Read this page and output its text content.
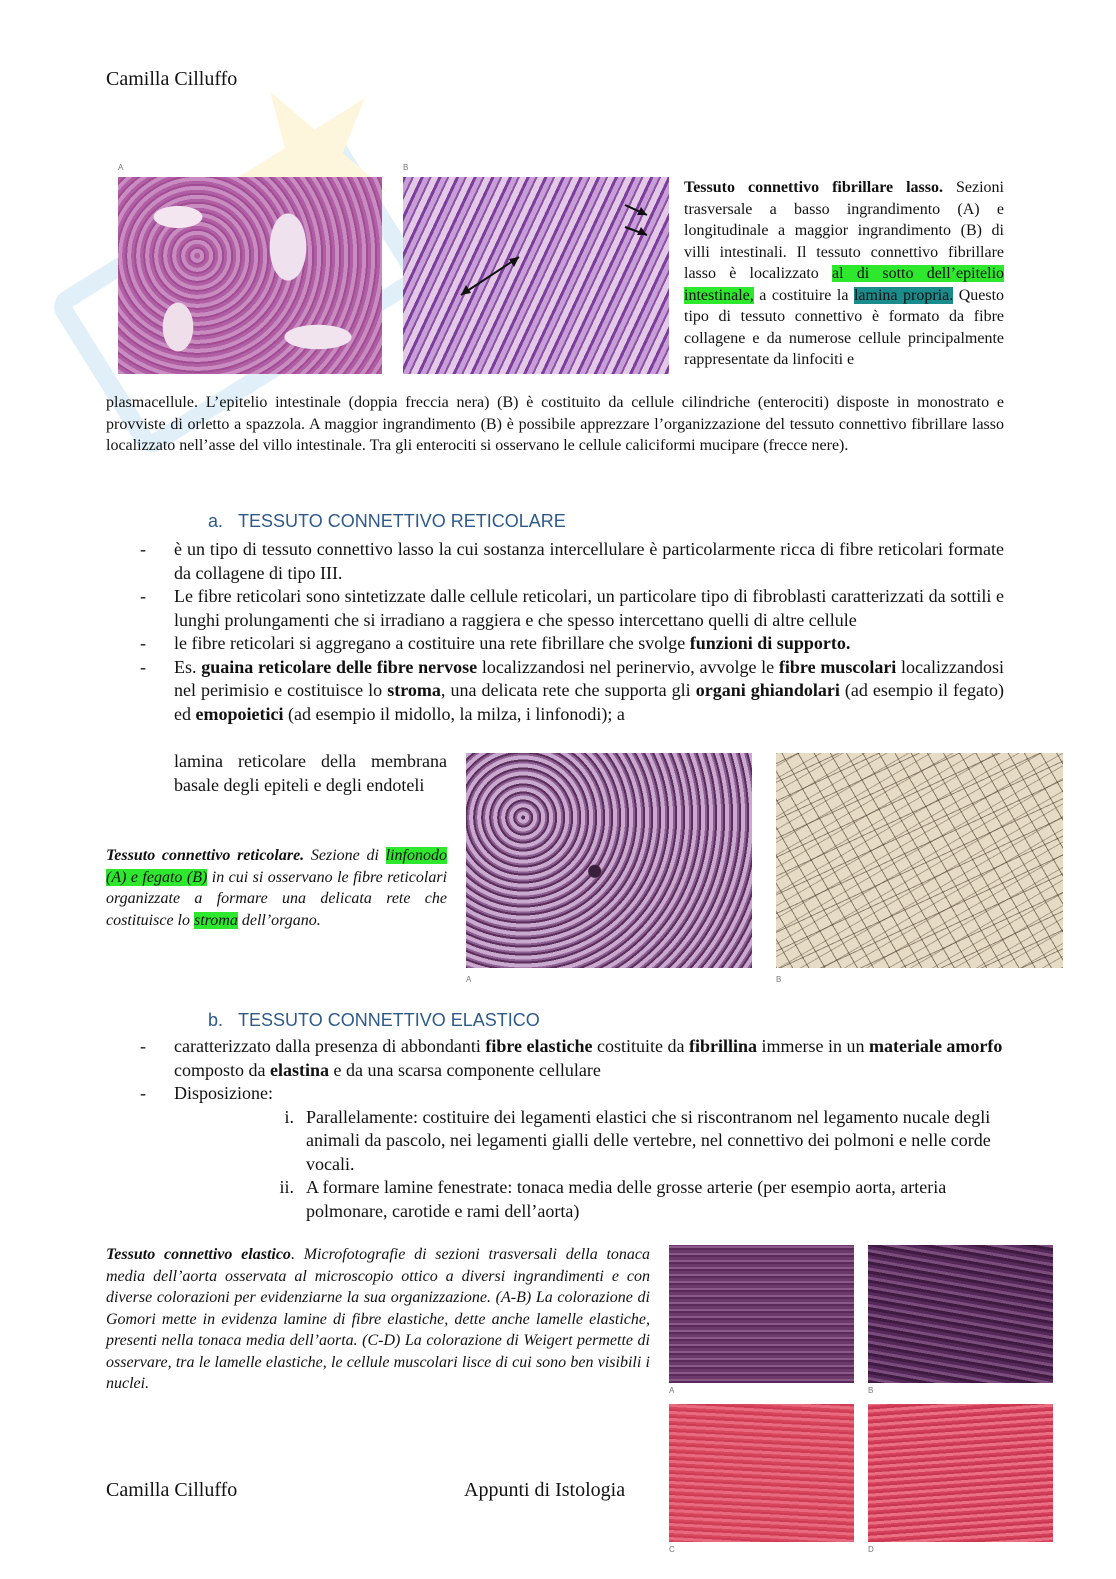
Camilla Cilluffo
A	B
Tessuto connettivo fibrillare lasso. Sezioni trasversale a basso ingrandimento (A) e longitudinale a maggior ingrandimento (B) di villi intestinali. Il tessuto connettivo fibrillare lasso è localizzato al di sotto dell’epitelio intestinale, a costituire la lamina propria. Questo tipo di tessuto connettivo è formato da fibre collagene e da numerose cellule principalmente rappresentate da linfociti e
plasmacellule. L’epitelio intestinale (doppia freccia nera) (B) è costituito da cellule cilindriche (enterociti) disposte in monostrato e provviste di orletto a spazzola. A maggior ingrandimento (B) è possibile apprezzare l’organizzazione del tessuto connettivo fibrillare lasso localizzato nell’asse del villo intestinale. Tra gli enterociti si osservano le cellule caliciformi mucipare (frecce nere).
a.   TESSUTO CONNETTIVO RETICOLARE
- è un tipo di tessuto connettivo lasso la cui sostanza intercellulare è particolarmente ricca di fibre reticolari formate da collagene di tipo III.
- Le fibre reticolari sono sintetizzate dalle cellule reticolari, un particolare tipo di fibroblasti caratterizzati da sottili e lunghi prolungamenti che si irradiano a raggiera e che spesso intercettano quelli di altre cellule
- le fibre reticolari si aggregano a costituire una rete fibrillare che svolge funzioni di supporto.
- Es. guaina reticolare delle fibre nervose localizzandosi nel perinervio, avvolge le fibre muscolari localizzandosi nel perimisio e costituisce lo stroma, una delicata rete che supporta gli organi ghiandolari (ad esempio il fegato) ed emopoietici (ad esempio il midollo, la milza, i linfonodi); a
lamina reticolare della membrana basale degli epiteli e degli endoteli
A	B
Tessuto connettivo reticolare. Sezione di linfonodo (A) e fegato (B) in cui si osservano le fibre reticolari organizzate a formare una delicata rete che costituisce lo stroma dell’organo.
b.   TESSUTO CONNETTIVO ELASTICO
- caratterizzato dalla presenza di abbondanti fibre elastiche costituite da fibrillina immerse in un materiale amorfo composto da elastina e da una scarsa componente cellulare
- Disposizione:
i. Parallelamente: costituire dei legamenti elastici che si riscontranom nel legamento nucale degli animali da pascolo, nei legamenti gialli delle vertebre, nel connettivo dei polmoni e nelle corde vocali.
ii. A formare lamine fenestrate: tonaca media delle grosse arterie (per esempio aorta, arteria polmonare, carotide e rami dell’aorta)
Tessuto connettivo elastico. Microfotografie di sezioni trasversali della tonaca media dell’aorta osservata al microscopio ottico a diversi ingrandimenti e con diverse colorazioni per evidenziarne la sua organizzazione. (A-B) La colorazione di Gomori mette in evidenza lamine di fibre elastiche, dette anche lamelle elastiche, presenti nella tonaca media dell’aorta. (C-D) La colorazione di Weigert permette di osservare, tra le lamelle elastiche, le cellule muscolari lisce di cui sono ben visibili i nuclei.	A	B
C	D
Camilla Cilluffo	Appunti di Istologia
